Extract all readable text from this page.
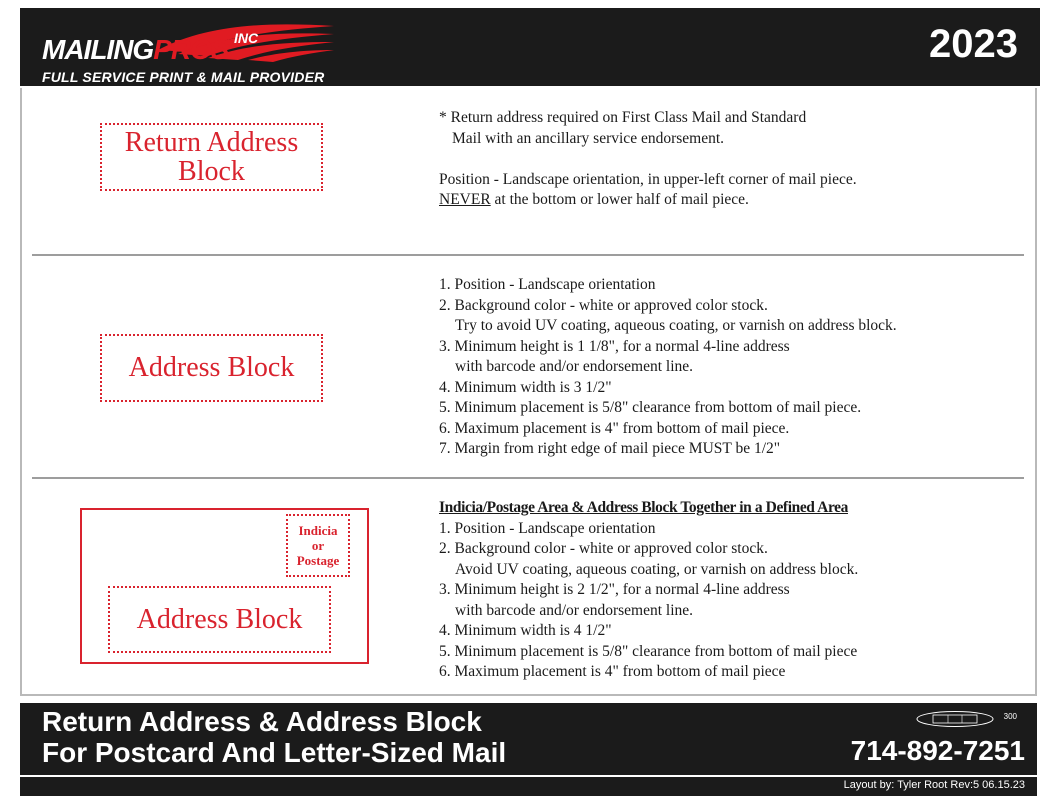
MAILINGPROS INC
FULL SERVICE PRINT & MAIL PROVIDER
2023
Return Address
Block
* Return address required on First Class Mail and Standard
Mail with an ancillary service endorsement.

Position - Landscape orientation, in upper-left corner of mail piece.
NEVER at the bottom or lower half of mail piece.
Address Block
1. Position - Landscape orientation
2. Background color - white or approved color stock.
Try to avoid UV coating, aqueous coating, or varnish on address block.
3. Minimum height is 1 1/8", for a normal 4-line address
with barcode and/or endorsement line.
4. Minimum width is 3 1/2"
5. Minimum placement is 5/8" clearance from bottom of mail piece.
6. Maximum placement is 4" from bottom of mail piece.
7. Margin from right edge of mail piece MUST be 1/2"
Indicia
or
Postage
Address Block
Indicia/Postage Area & Address Block Together in a Defined Area
1. Position - Landscape orientation
2. Background color - white or approved color stock.
Avoid UV coating, aqueous coating, or varnish on address block.
3. Minimum height is 2 1/2", for a normal 4-line address
with barcode and/or endorsement line.
4. Minimum width is 4 1/2"
5. Minimum placement is 5/8" clearance from bottom of mail piece
6. Maximum placement is 4" from bottom of mail piece
Return Address & Address Block
For Postcard And Letter-Sized Mail
300
714-892-7251
Layout by: Tyler Root Rev:5 06.15.23
